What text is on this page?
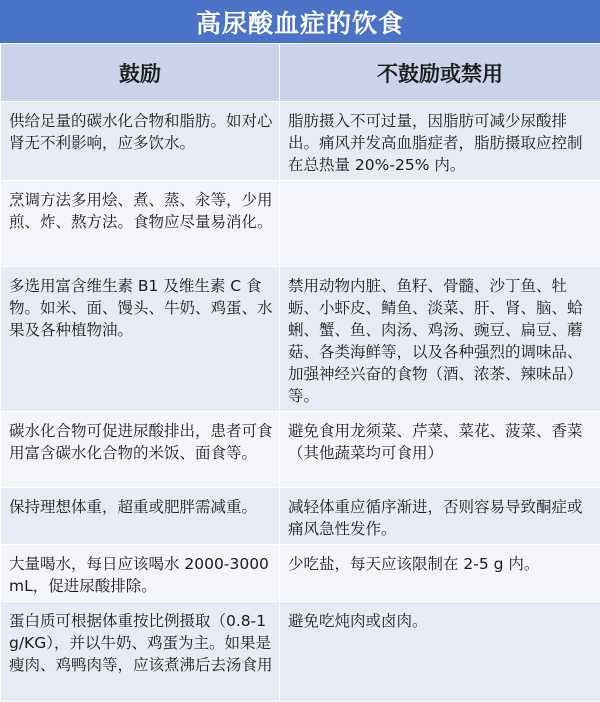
高尿酸血症的饮食
鼓励	不鼓励或禁用
供给足量的碳水化合物和脂肪。如对心肾无不利影响，应多饮水。	脂肪摄入不可过量，因脂肪可减少尿酸排出。痛风并发高血脂症者，脂肪摄取应控制在总热量 20%-25% 内。
烹调方法多用烩、煮、蒸、汆等，少用煎、炸、熬方法。食物应尽量易消化。	
多选用富含维生素 B1 及维生素 C 食物。如米、面、馒头、牛奶、鸡蛋、水果及各种植物油。	禁用动物内脏、鱼籽、骨髓、沙丁鱼、牡蛎、小虾皮、鲭鱼、淡菜、肝、肾、脑、蛤蜊、蟹、鱼、肉汤、鸡汤、豌豆、扁豆、蘑菇、各类海鲜等，以及各种强烈的调味品、加强神经兴奋的食物（酒、浓茶、辣味品）等。
碳水化合物可促进尿酸排出，患者可食用富含碳水化合物的米饭、面食等。	避免食用龙须菜、芹菜、菜花、菠菜、香菜（其他蔬菜均可食用）
保持理想体重，超重或肥胖需减重。	减轻体重应循序渐进，否则容易导致酮症或痛风急性发作。
大量喝水，每日应该喝水 2000-3000 mL，促进尿酸排除。	少吃盐，每天应该限制在 2-5 g 内。
蛋白质可根据体重按比例摄取（0.8-1 g/KG），并以牛奶、鸡蛋为主。如果是瘦肉、鸡鸭肉等，应该煮沸后去汤食用	避免吃炖肉或卤肉。
